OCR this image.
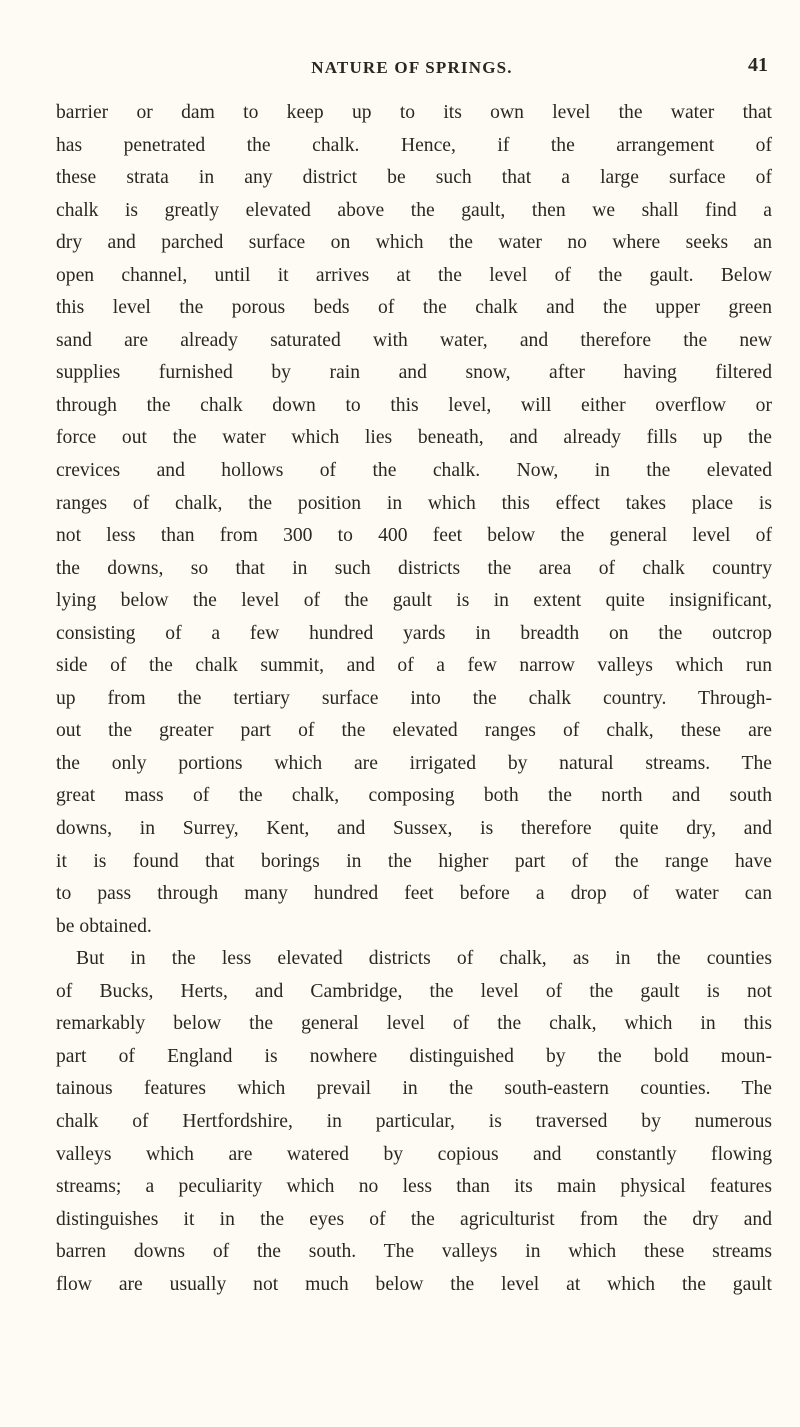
NATURE OF SPRINGS.	41
barrier or dam to keep up to its own level the water that
has penetrated the chalk. Hence, if the arrangement of
these strata in any district be such that a large surface of
chalk is greatly elevated above the gault, then we shall find a
dry and parched surface on which the water no where seeks an
open channel, until it arrives at the level of the gault. Below
this level the porous beds of the chalk and the upper green
sand are already saturated with water, and therefore the new
supplies furnished by rain and snow, after having filtered
through the chalk down to this level, will either overflow or
force out the water which lies beneath, and already fills up the
crevices and hollows of the chalk. Now, in the elevated
ranges of chalk, the position in which this effect takes place is
not less than from 300 to 400 feet below the general level of
the downs, so that in such districts the area of chalk country
lying below the level of the gault is in extent quite insignificant,
consisting of a few hundred yards in breadth on the outcrop
side of the chalk summit, and of a few narrow valleys which run
up from the tertiary surface into the chalk country. Through-
out the greater part of the elevated ranges of chalk, these are
the only portions which are irrigated by natural streams. The
great mass of the chalk, composing both the north and south
downs, in Surrey, Kent, and Sussex, is therefore quite dry, and
it is found that borings in the higher part of the range have
to pass through many hundred feet before a drop of water can
be obtained.
But in the less elevated districts of chalk, as in the counties
of Bucks, Herts, and Cambridge, the level of the gault is not
remarkably below the general level of the chalk, which in this
part of England is nowhere distinguished by the bold moun-
tainous features which prevail in the south-eastern counties. The
chalk of Hertfordshire, in particular, is traversed by numerous
valleys which are watered by copious and constantly flowing
streams; a peculiarity which no less than its main physical features
distinguishes it in the eyes of the agriculturist from the dry and
barren downs of the south. The valleys in which these streams
flow are usually not much below the level at which the gault
